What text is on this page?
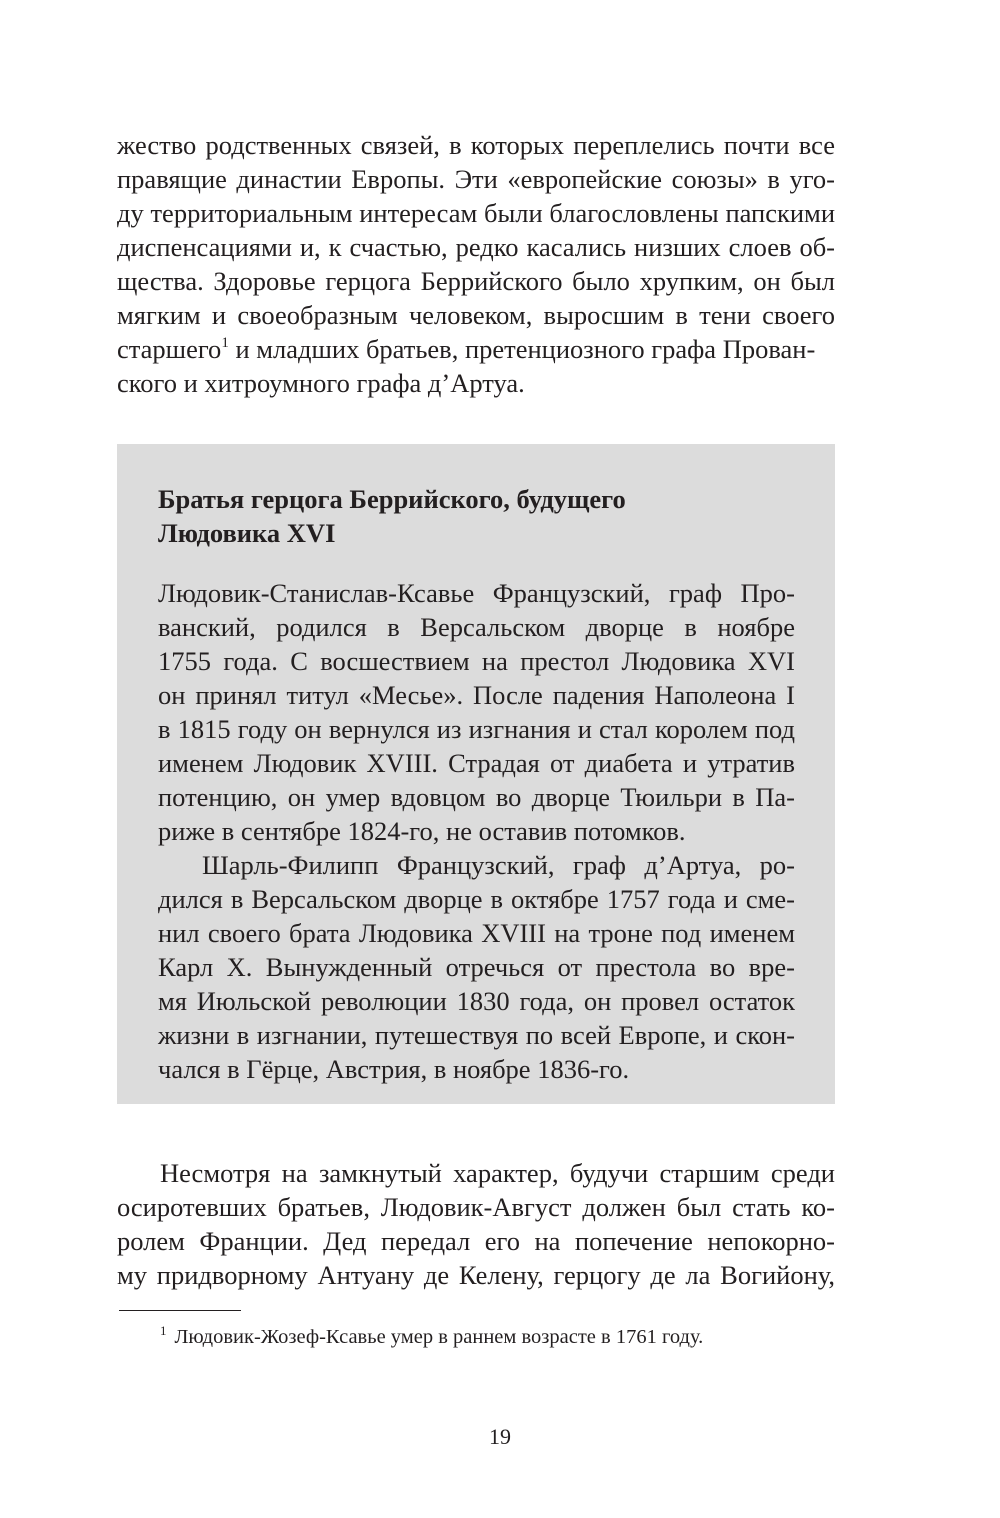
жество родственных связей, в которых переплелись почти все

правящие династии Европы. Эти «европейские союзы» в уго-

ду территориальным интересам были благословлены папскими

диспенсациями и, к счастью, редко касались низших слоев об-

щества. Здоровье герцога Беррийского было хрупким, он был

мягким и своеобразным человеком, выросшим в тени своего

старшего$^1$ и младших братьев, претенциозного графа Прован-

ского и хитроумного графа д’Артуа.

Братья герцога Беррийского, будущего

Людовика XVI

Людовик-Станислав-Ксавье Французский, граф Про-

ванский, родился в Версальском дворце в ноябре

1755 года. С восшествием на престол Людовика XVI

он принял титул «Месье». После падения Наполеона I

в 1815 году он вернулся из изгнания и стал королем под

именем Людовик XVIII. Страдая от диабета и утратив

потенцию, он умер вдовцом во дворце Тюильри в Па-

риже в сентябре 1824-го, не оставив потомков.

Шарль-Филипп Французский, граф д’Артуа, ро-

дился в Версальском дворце в октябре 1757 года и сме-

нил своего брата Людовика XVIII на троне под именем

Карл X. Вынужденный отречься от престола во вре-

мя Июльской революции 1830 года, он провел остаток

жизни в изгнании, путешествуя по всей Европе, и скон-

чался в Гёрце, Австрия, в ноябре 1836-го.

Несмотря на замкнутый характер, будучи старшим среди

осиротевших братьев, Людовик-Август должен был стать ко-

ролем Франции. Дед передал его на попечение непокорно-

му придворному Антуану де Келену, герцогу де ла Вогийону,

$^1$ Людовик-Жозеф-Ксавье умер в раннем возрасте в 1761 году.

19
